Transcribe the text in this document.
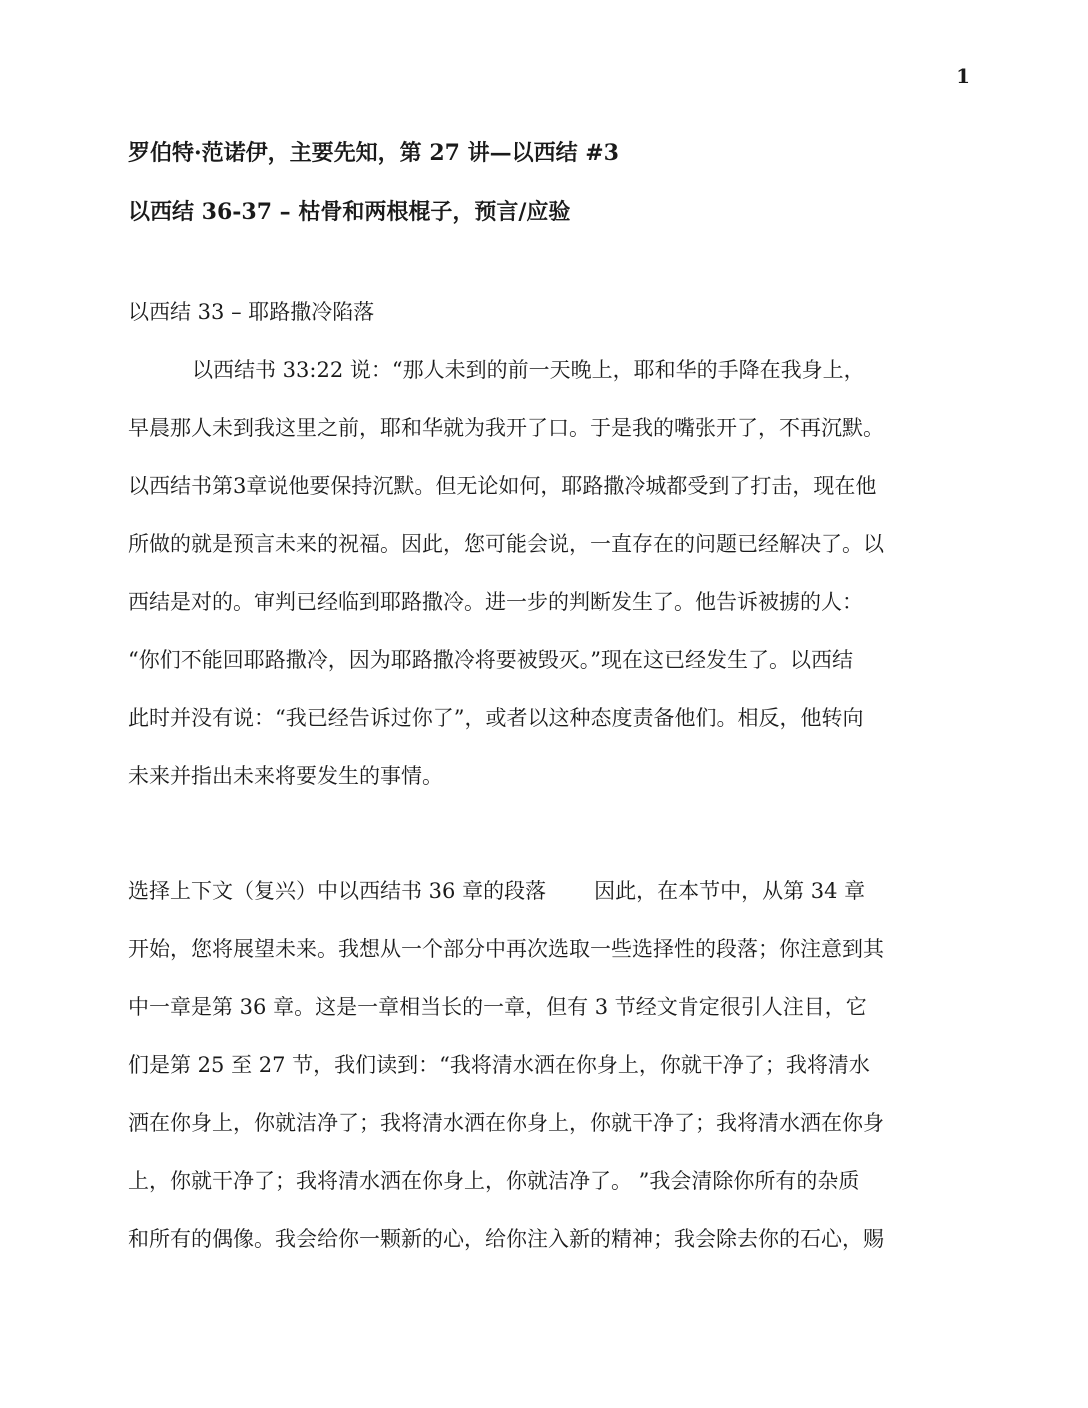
1
罗伯特·范诺伊，主要先知，第 27 讲—以西结 #3
以西结 36-37 – 枯骨和两根棍子，预言/应验
以西结 33 – 耶路撒冷陷落
以西结书 33:22 说：“那人未到的前一天晚上，耶和华的手降在我身上，
早晨那人未到我这里之前，耶和华就为我开了口。于是我的嘴张开了，不再沉默。
以西结书第3章说他要保持沉默。但无论如何，耶路撒冷城都受到了打击，现在他
所做的就是预言未来的祝福。因此，您可能会说，一直存在的问题已经解决了。以
西结是对的。审判已经临到耶路撒冷。进一步的判断发生了。他告诉被掳的人：
“你们不能回耶路撒冷，因为耶路撒冷将要被毁灭。”现在这已经发生了。以西结
此时并没有说：“我已经告诉过你了”，或者以这种态度责备他们。相反，他转向
未来并指出未来将要发生的事情。
选择上下文（复兴）中以西结书 36 章的段落 因此，在本节中，从第 34 章
开始，您将展望未来。我想从一个部分中再次选取一些选择性的段落；你注意到其
中一章是第 36 章。这是一章相当长的一章，但有 3 节经文肯定很引人注目，它
们是第 25 至 27 节，我们读到：“我将清水洒在你身上，你就干净了；我将清水
洒在你身上，你就洁净了；我将清水洒在你身上，你就干净了；我将清水洒在你身
上，你就干净了；我将清水洒在你身上，你就洁净了。 ”我会清除你所有的杂质
和所有的偶像。我会给你一颗新的心，给你注入新的精神；我会除去你的石心，赐
